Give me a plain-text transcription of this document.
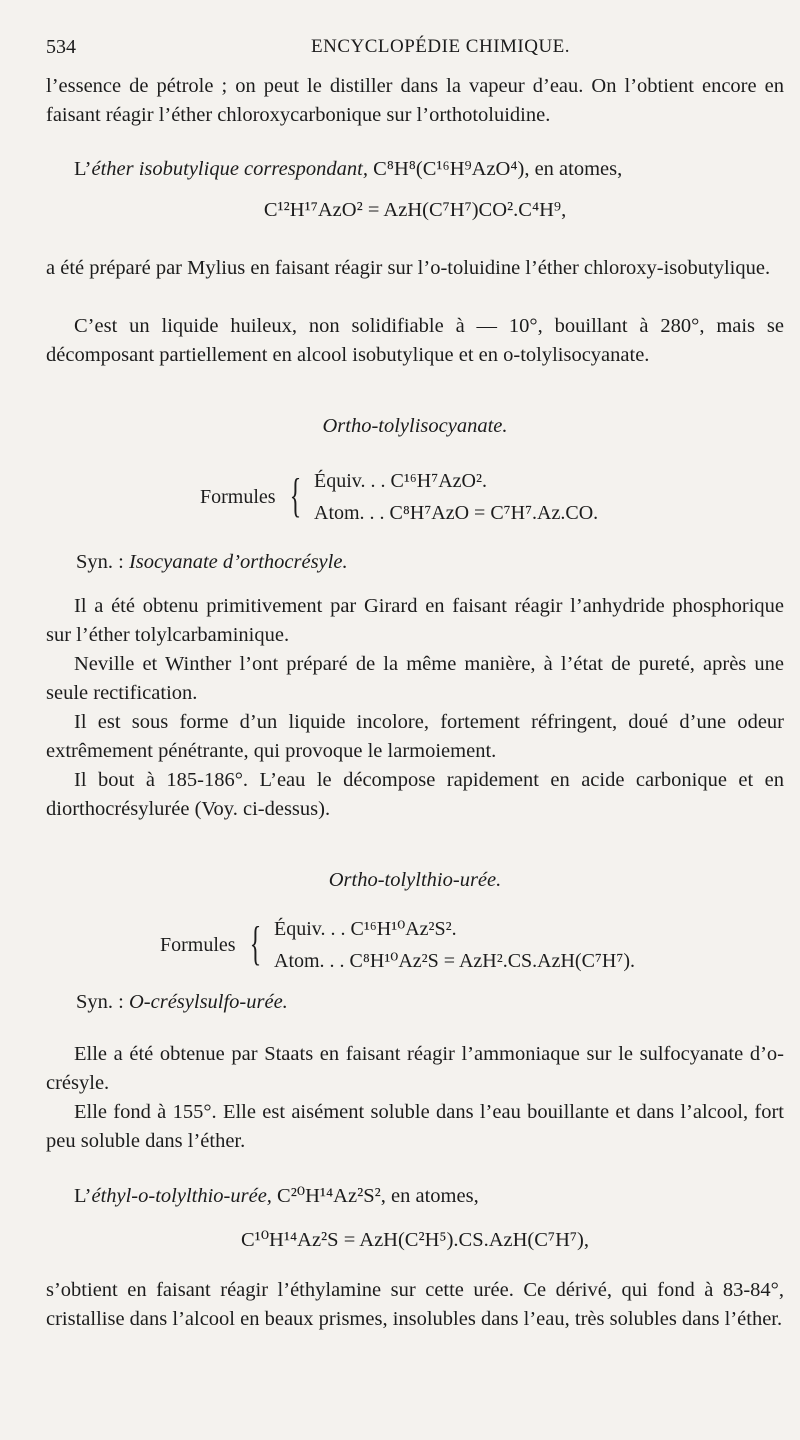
534	ENCYCLOPÉDIE CHIMIQUE.
l’essence de pétrole ; on peut le distiller dans la vapeur d’eau. On l’obtient encore en faisant réagir l’éther chloroxycarbonique sur l’orthotoluidine.
L’éther isobutylique correspondant, C⁸H⁸(C¹⁶H⁹AzO⁴), en atomes,
C¹²H¹⁷AzO² = AzH(C⁷H⁷)CO².C⁴H⁹,
a été préparé par Mylius en faisant réagir sur l’o-toluidine l’éther chloroxy-isobutylique.
C’est un liquide huileux, non solidifiable à — 10°, bouillant à 280°, mais se décomposant partiellement en alcool isobutylique et en o-tolylisocyanate.
Ortho-tolylisocyanate.
Formules { Équiv. . . C¹⁶H⁷AzO².
Atom. . . C⁸H⁷AzO = C⁷H⁷.Az.CO.
Syn. : Isocyanate d’orthocrésyle.
Il a été obtenu primitivement par Girard en faisant réagir l’anhydride phosphorique sur l’éther tolylcarbaminique.
Neville et Winther l’ont préparé de la même manière, à l’état de pureté, après une seule rectification.
Il est sous forme d’un liquide incolore, fortement réfringent, doué d’une odeur extrêmement pénétrante, qui provoque le larmoiement.
Il bout à 185-186°. L’eau le décompose rapidement en acide carbonique et en diorthocrésylurée (Voy. ci-dessus).
Ortho-tolylthio-urée.
Formules { Équiv. . . C¹⁶H¹⁰Az²S².
Atom. . . C⁸H¹⁰Az²S = AzH².CS.AzH(C⁷H⁷).
Syn. : O-crésylsulfo-urée.
Elle a été obtenue par Staats en faisant réagir l’ammoniaque sur le sulfocyanate d’o-crésyle.
Elle fond à 155°. Elle est aisément soluble dans l’eau bouillante et dans l’alcool, fort peu soluble dans l’éther.
L’éthyl-o-tolylthio-urée, C²⁰H¹⁴Az²S², en atomes,
C¹⁰H¹⁴Az²S = AzH(C²H⁵).CS.AzH(C⁷H⁷),
s’obtient en faisant réagir l’éthylamine sur cette urée. Ce dérivé, qui fond à 83-84°, cristallise dans l’alcool en beaux prismes, insolubles dans l’eau, très solubles dans l’éther.
